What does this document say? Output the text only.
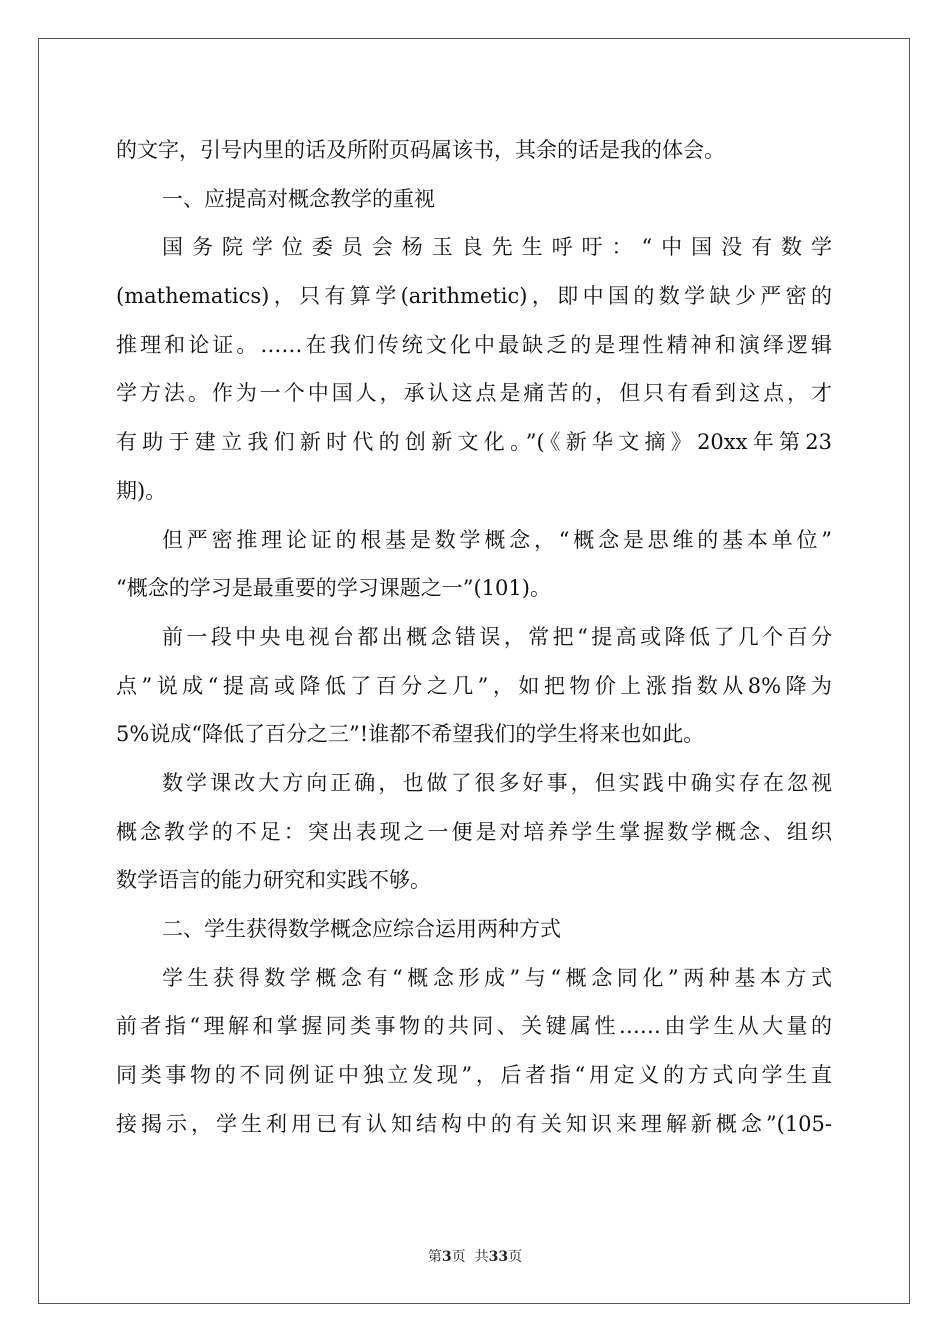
的文字，引号内里的话及所附页码属该书，其余的话是我的体会。
一、应提高对概念教学的重视
国务院学位委员会杨玉良先生呼吁：“中国没有数学
(mathematics)，只有算学(arithmetic)，即中国的数学缺少严密的
推理和论证。……在我们传统文化中最缺乏的是理性精神和演绎逻辑
学方法。作为一个中国人，承认这点是痛苦的，但只有看到这点，才
有助于建立我们新时代的创新文化。”(《新华文摘》20xx年第23
期)。
但严密推理论证的根基是数学概念，“概念是思维的基本单位”
“概念的学习是最重要的学习课题之一”(101)。
前一段中央电视台都出概念错误，常把“提高或降低了几个百分
点”说成“提高或降低了百分之几”，如把物价上涨指数从8%降为
5%说成“降低了百分之三”!谁都不希望我们的学生将来也如此。
数学课改大方向正确，也做了很多好事，但实践中确实存在忽视
概念教学的不足：突出表现之一便是对培养学生掌握数学概念、组织
数学语言的能力研究和实践不够。
二、学生获得数学概念应综合运用两种方式
学生获得数学概念有“概念形成”与“概念同化”两种基本方式
前者指“理解和掌握同类事物的共同、关键属性……由学生从大量的
同类事物的不同例证中独立发现”，后者指“用定义的方式向学生直
接揭示，学生利用已有认知结构中的有关知识来理解新概念”(105-
第3页  共33页
